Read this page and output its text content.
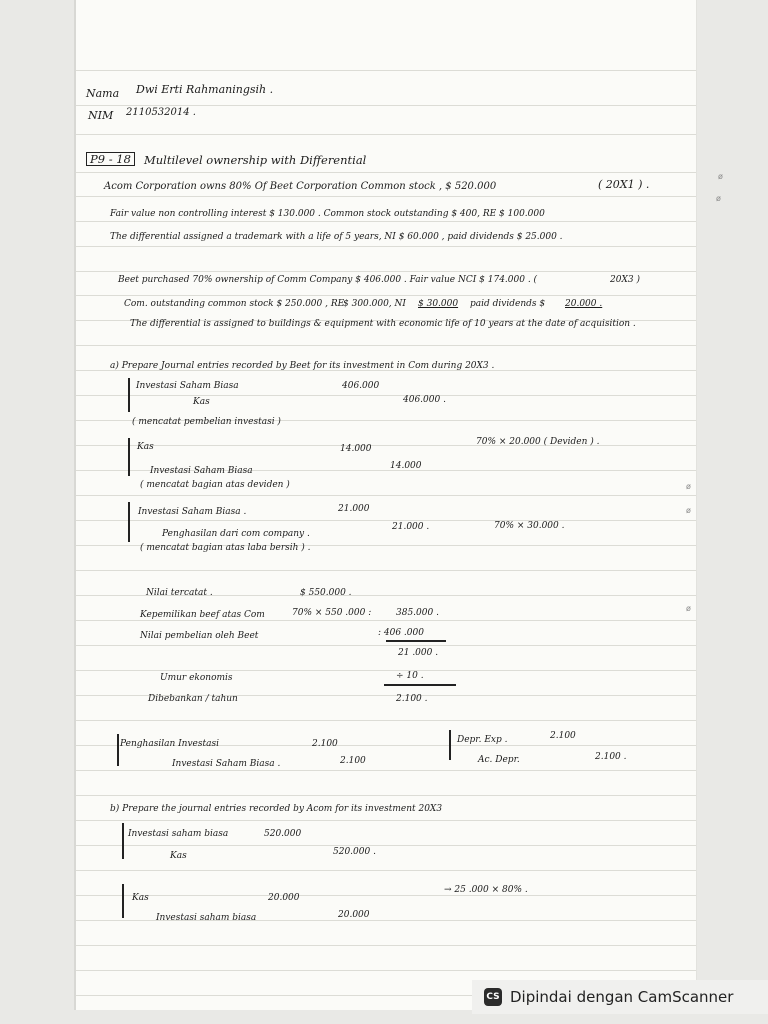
Nama Dwi Erti Rahmaningsih .
NIM 2110532014 .
P9 - 18	Multilevel ownership with Differential
Acom Corporation owns 80% Of Beet Corporation Common stock , $ 520.000	( 20X1 ) .
Fair value non controlling interest $ 130.000 . Common stock outstanding $ 400, RE $ 100.000
The differential assigned a trademark with a life of 5 years, NI $ 60.000 , paid dividends $ 25.000 .
Beet purchased 70% ownership of Comm Company $ 406.000 . Fair value NCI $ 174.000 . (	20X3 )
Com. outstanding common stock $ 250.000 , RE
$ 300.000, NI $ 30.000 paid dividends $ 20.000 .
The differential is assigned to buildings & equipment with economic life of 10 years at the date of acquisition .
a) Prepare Journal entries recorded by Beet for its investment in Com during 20X3 .
Investasi Saham Biasa	406.000
Kas	406.000 .
( mencatat pembelian investasi )
Kas	14.000
70% × 20.000 ( Deviden ) .
Investasi Saham Biasa	14.000
( mencatat bagian atas deviden )
Investasi Saham Biasa .	21.000
Penghasilan dari com company .
21.000 .	70% × 30.000 .
( mencatat bagian atas laba bersih ) .
Nilai tercatat .	$ 550.000 .
Kepemilikan beef atas Com	70% × 550 .000 :	385.000 .
Nilai pembelian oleh Beet	: 406 .000
21 .000 .
Umur ekonomis	÷ 10 .
Dibebankan / tahun	2.100 .
Penghasilan Investasi	2.100
Investasi Saham Biasa .	2.100
Depr. Exp .	2.100
Ac. Depr.	2.100 .
b) Prepare the journal entries recorded by Acom for its investment 20X3
Investasi saham biasa	520.000
Kas	520.000 .
Kas	20.000
→ 25 .000 × 80% .
Investasi saham biasa	20.000
ø
ø
ø
ø
ø
CS Dipindai dengan CamScanner
